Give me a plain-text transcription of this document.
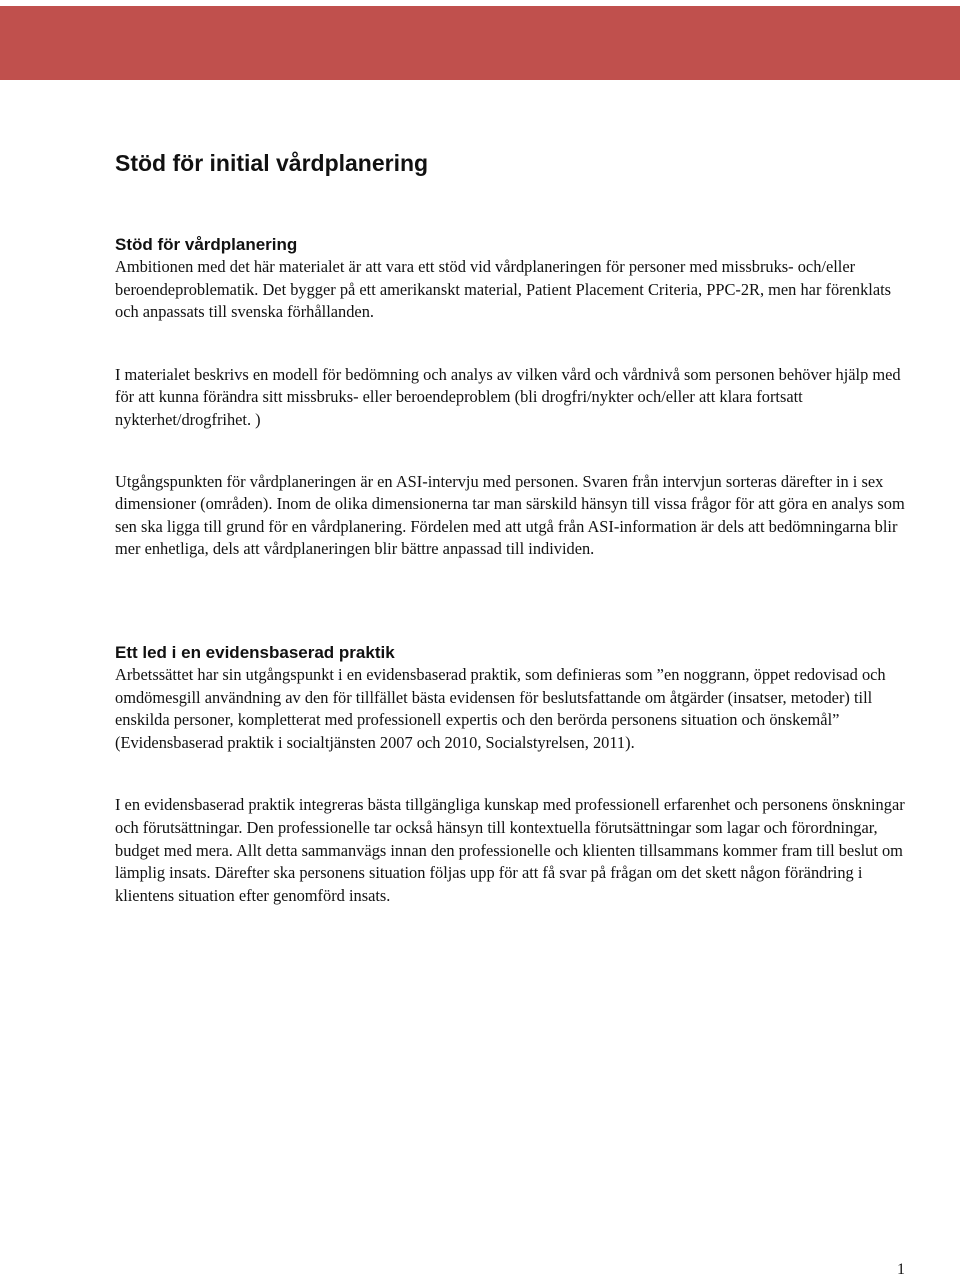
Stöd för initial vårdplanering
Stöd för vårdplanering

Ambitionen med det här materialet är att vara ett stöd vid vårdplaneringen för personer med missbruks- och/eller beroendeproblematik. Det bygger på ett amerikanskt material, Patient Placement Criteria, PPC-2R, men har förenklats och anpassats till svenska förhållanden.

I materialet beskrivs en modell för bedömning och analys av vilken vård och vårdnivå som personen behöver hjälp med för att kunna förändra sitt missbruks- eller beroendeproblem (bli drogfri/nykter och/eller att klara fortsatt nykterhet/drogfrihet. )

Utgångspunkten för vårdplaneringen är en ASI-intervju med personen. Svaren från intervjun sorteras därefter in i sex dimensioner (områden). Inom de olika dimensionerna tar man särskild hänsyn till vissa frågor för att göra en analys som sen ska ligga till grund för en vårdplanering. Fördelen med att utgå från ASI-information är dels att bedömningarna blir mer enhetliga, dels att vårdplaneringen blir bättre anpassad till individen.

Ett led i en evidensbaserad praktik

Arbetssättet har sin utgångspunkt i en evidensbaserad praktik, som definieras som ”en noggrann, öppet redovisad och omdömesgill användning av den för tillfället bästa evidensen för beslutsfattande om åtgärder (insatser, metoder) till enskilda personer, kompletterat med professionell expertis och den berörda personens situation och önskemål” (Evidensbaserad praktik i socialtjänsten 2007 och 2010, Socialstyrelsen, 2011).

I en evidensbaserad praktik integreras bästa tillgängliga kunskap med professionell erfarenhet och personens önskningar och förutsättningar. Den professionelle tar också hänsyn till kontextuella förutsättningar som lagar och förordningar, budget med mera. Allt detta sammanvägs innan den professionelle och klienten tillsammans kommer fram till beslut om lämplig insats. Därefter ska personens situation följas upp för att få svar på frågan om det skett någon förändring i klientens situation efter genomförd insats.

1
